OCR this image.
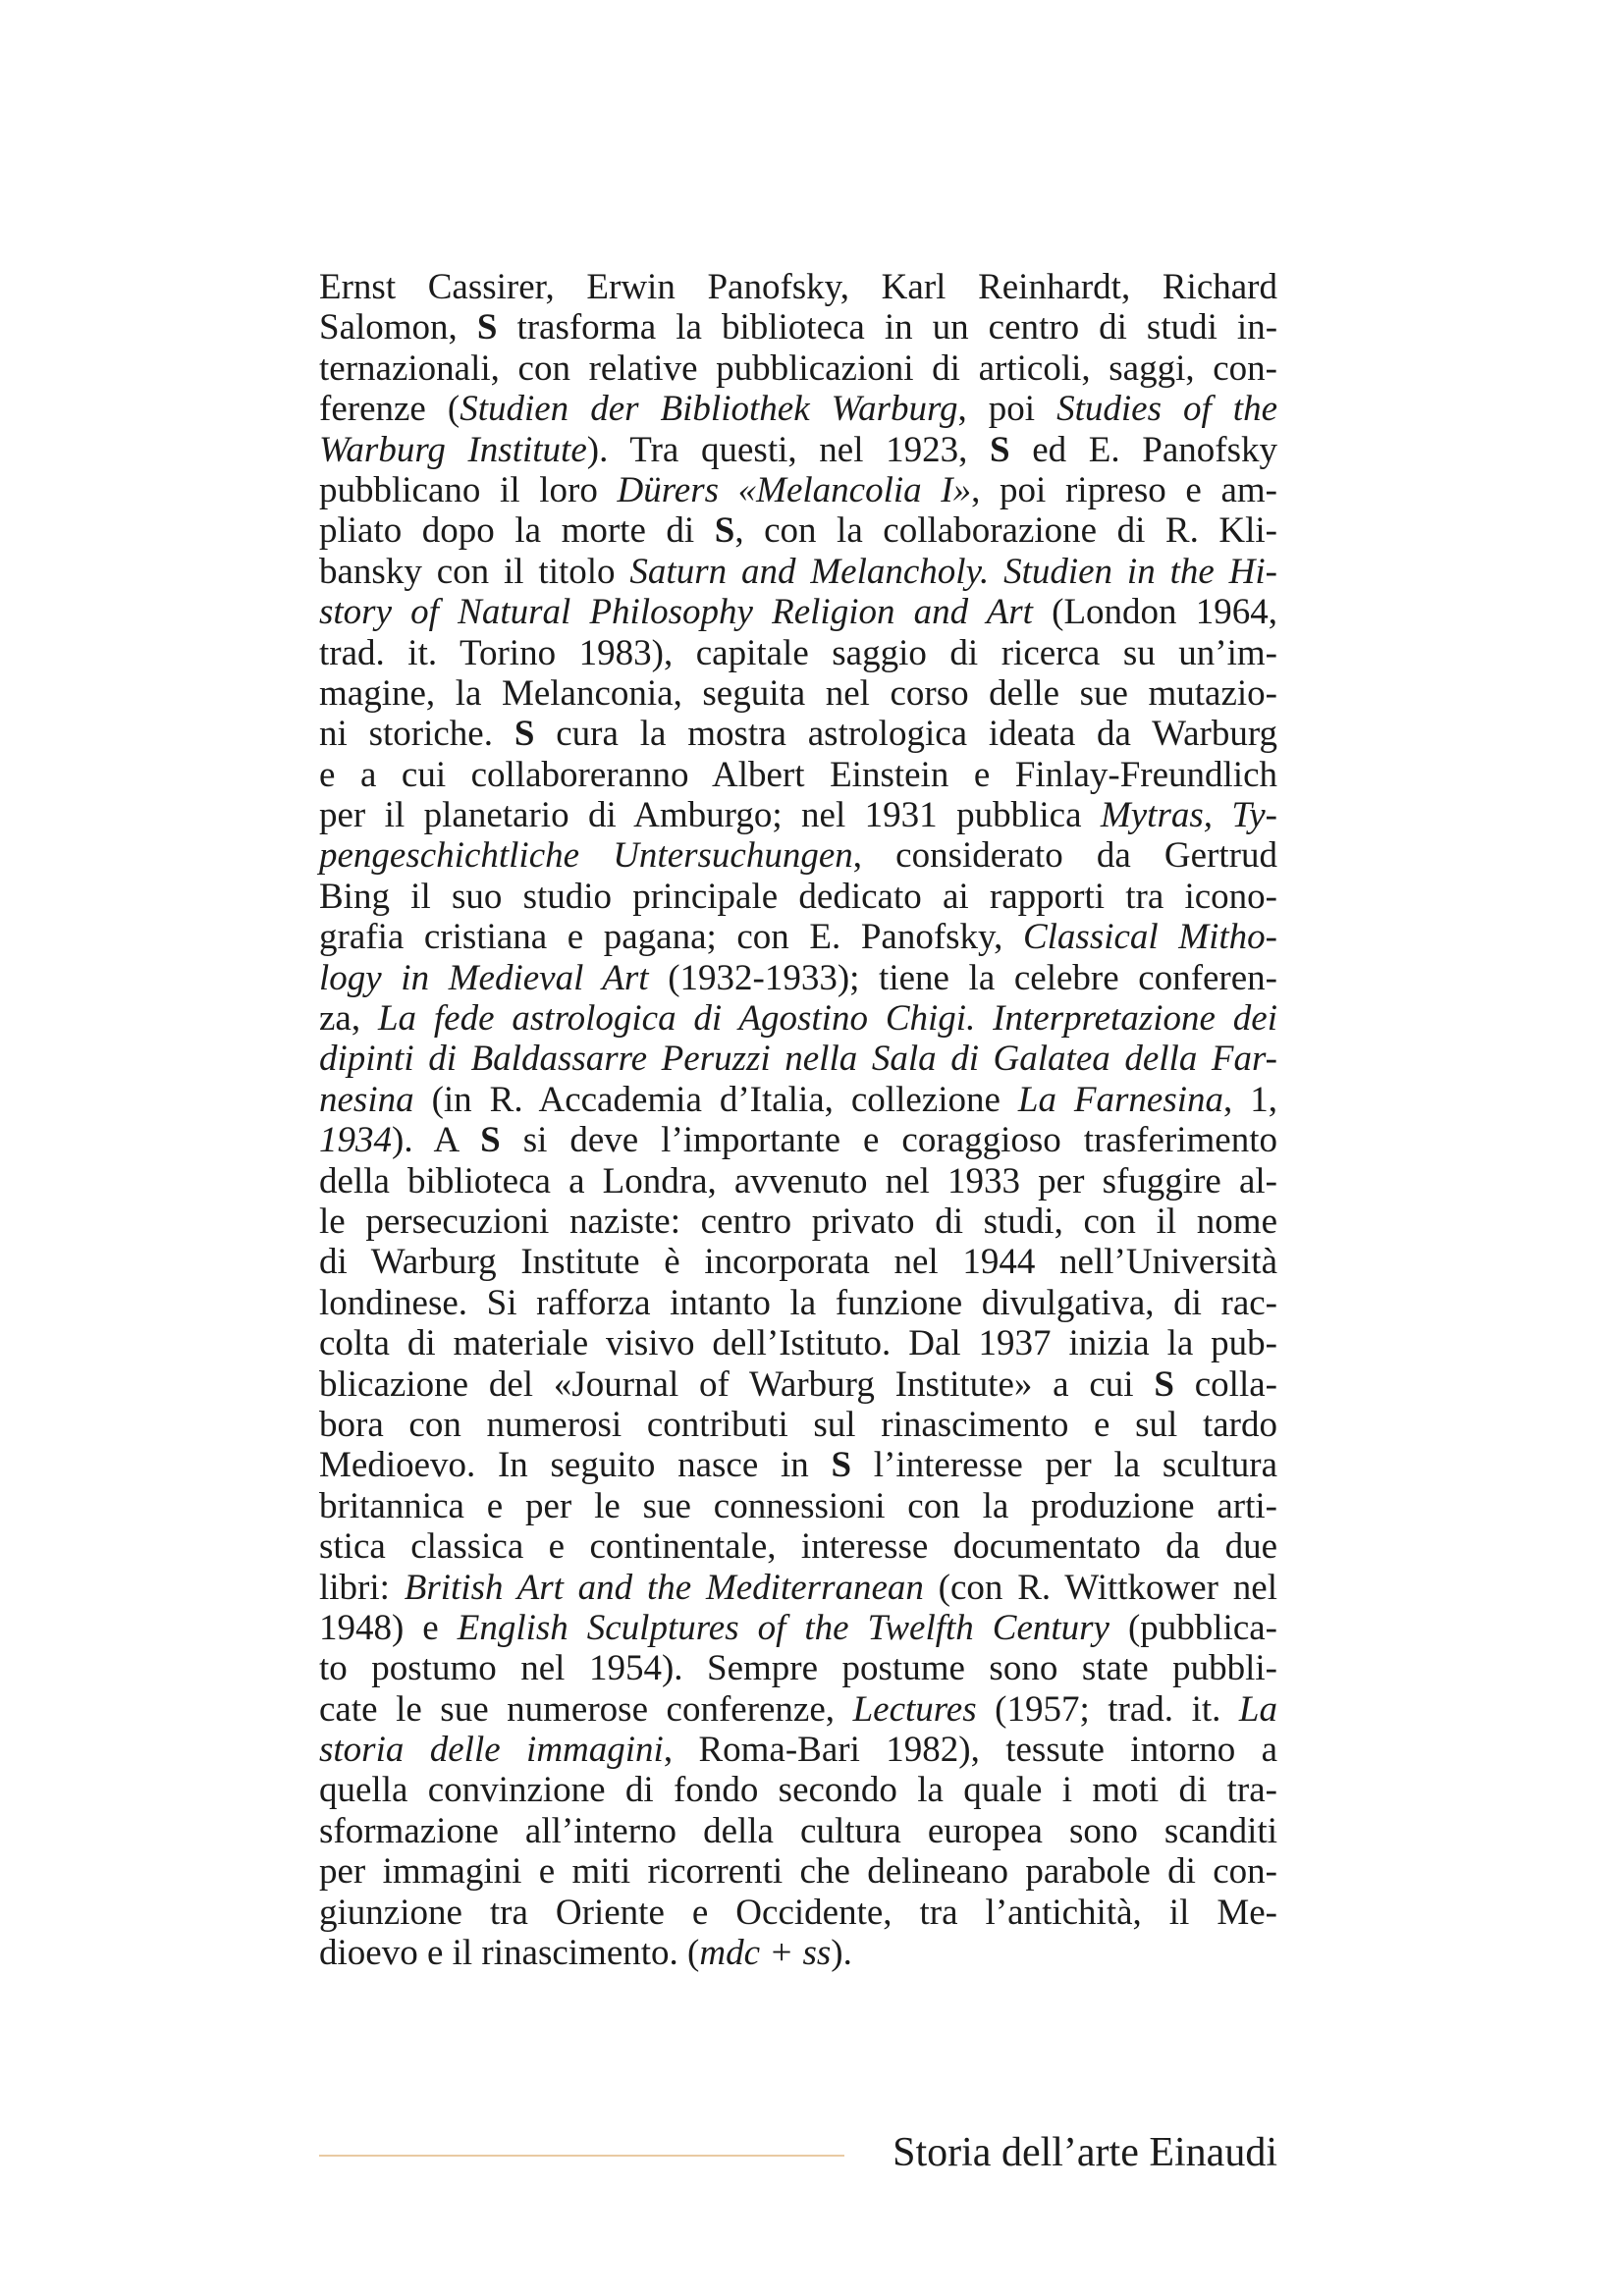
Ernst Cassirer, Erwin Panofsky, Karl Reinhardt, Richard
Salomon, S trasforma la biblioteca in un centro di studi in-
ternazionali, con relative pubblicazioni di articoli, saggi, con-
ferenze (Studien der Bibliothek Warburg, poi Studies of the
Warburg Institute). Tra questi, nel 1923, S ed E. Panofsky
pubblicano il loro Dürers «Melancolia I», poi ripreso e am-
pliato dopo la morte di S, con la collaborazione di R. Kli-
bansky con il titolo Saturn and Melancholy. Studien in the Hi-
story of Natural Philosophy Religion and Art (London 1964,
trad. it. Torino 1983), capitale saggio di ricerca su un’im-
magine, la Melanconia, seguita nel corso delle sue mutazio-
ni storiche. S cura la mostra astrologica ideata da Warburg
e a cui collaboreranno Albert Einstein e Finlay-Freundlich
per il planetario di Amburgo; nel 1931 pubblica Mytras, Ty-
pengeschichtliche Untersuchungen, considerato da Gertrud
Bing il suo studio principale dedicato ai rapporti tra icono-
grafia cristiana e pagana; con E. Panofsky, Classical Mitho-
logy in Medieval Art (1932-1933); tiene la celebre conferen-
za, La fede astrologica di Agostino Chigi. Interpretazione dei
dipinti di Baldassarre Peruzzi nella Sala di Galatea della Far-
nesina (in R. Accademia d’Italia, collezione La Farnesina, 1,
1934). A S si deve l’importante e coraggioso trasferimento
della biblioteca a Londra, avvenuto nel 1933 per sfuggire al-
le persecuzioni naziste: centro privato di studi, con il nome
di Warburg Institute è incorporata nel 1944 nell’Università
londinese. Si rafforza intanto la funzione divulgativa, di rac-
colta di materiale visivo dell’Istituto. Dal 1937 inizia la pub-
blicazione del «Journal of Warburg Institute» a cui S colla-
bora con numerosi contributi sul rinascimento e sul tardo
Medioevo. In seguito nasce in S l’interesse per la scultura
britannica e per le sue connessioni con la produzione arti-
stica classica e continentale, interesse documentato da due
libri: British Art and the Mediterranean (con R. Wittkower nel
1948) e English Sculptures of the Twelfth Century (pubblica-
to postumo nel 1954). Sempre postume sono state pubbli-
cate le sue numerose conferenze, Lectures (1957; trad. it. La
storia delle immagini, Roma-Bari 1982), tessute intorno a
quella convinzione di fondo secondo la quale i moti di tra-
sformazione all’interno della cultura europea sono scanditi
per immagini e miti ricorrenti che delineano parabole di con-
giunzione tra Oriente e Occidente, tra l’antichità, il Me-
dioevo e il rinascimento. (mdc + ss).
Storia dell’arte Einaudi
